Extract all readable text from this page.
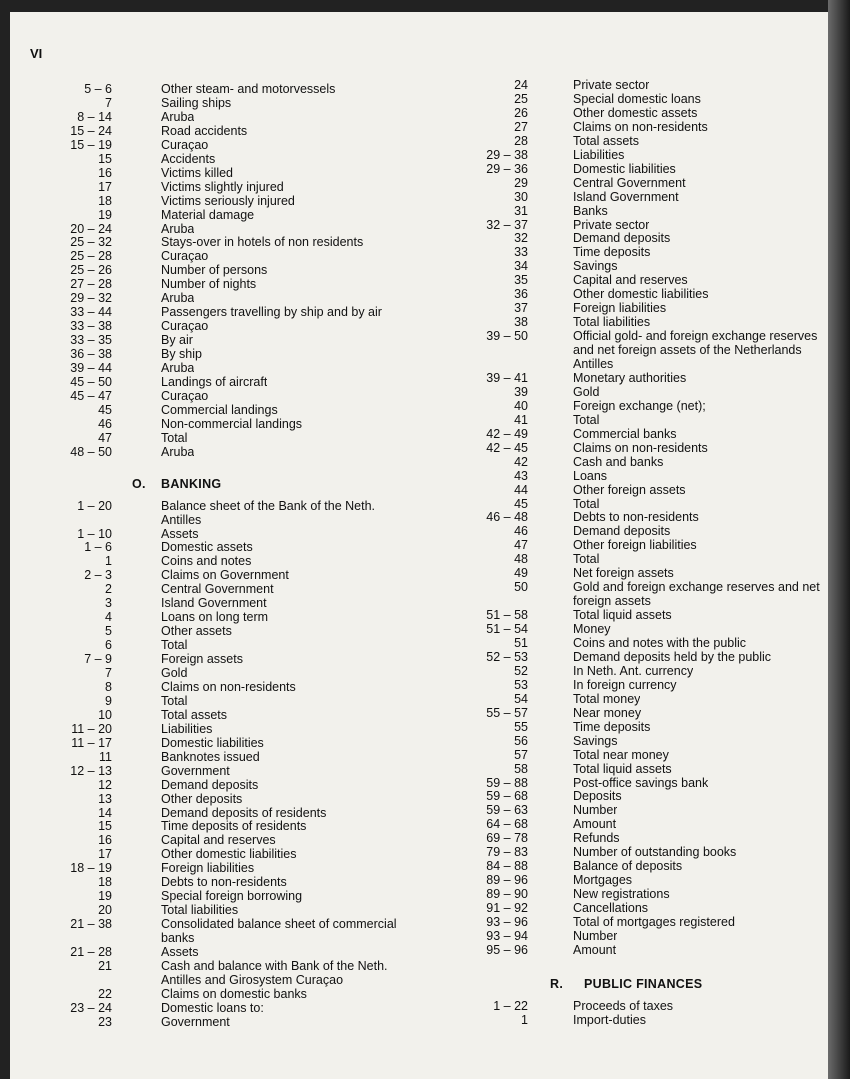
VI
5 – 6	Other steam- and motorvessels
7	Sailing ships
8 – 14	Aruba
15 – 24	Road accidents
15 – 19	Curaçao
15	Accidents
16	Victims killed
17	Victims slightly injured
18	Victims seriously injured
19	Material damage
20 – 24	Aruba
25 – 32	Stays-over in hotels of non residents
25 – 28	Curaçao
25 – 26	Number of persons
27 – 28	Number of nights
29 – 32	Aruba
33 – 44	Passengers travelling by ship and by air
33 – 38	Curaçao
33 – 35	By air
36 – 38	By ship
39 – 44	Aruba
45 – 50	Landings of aircraft
45 – 47	Curaçao
45	Commercial landings
46	Non-commercial landings
47	Total
48 – 50	Aruba
O. BANKING
1 – 20	Balance sheet of the Bank of the Neth.
Antilles
1 – 10	Assets
1 – 6	Domestic assets
1	Coins and notes
2 – 3	Claims on Government
2	Central Government
3	Island Government
4	Loans on long term
5	Other assets
6	Total
7 – 9	Foreign assets
7	Gold
8	Claims on non-residents
9	Total
10	Total assets
11 – 20	Liabilities
11 – 17	Domestic liabilities
11	Banknotes issued
12 – 13	Government
12	Demand deposits
13	Other deposits
14	Demand deposits of residents
15	Time deposits of residents
16	Capital and reserves
17	Other domestic liabilities
18 – 19	Foreign liabilities
18	Debts to non-residents
19	Special foreign borrowing
20	Total liabilities
21 – 38	Consolidated balance sheet of commercial
banks
21 – 28	Assets
21	Cash and balance with Bank of the Neth.
Antilles and Girosystem Curaçao
22	Claims on domestic banks
23 – 24	Domestic loans to:
23	Government
24	Private sector
25	Special domestic loans
26	Other domestic assets
27	Claims on non-residents
28	Total assets
29 – 38	Liabilities
29 – 36	Domestic liabilities
29	Central Government
30	Island Government
31	Banks
32 – 37	Private sector
32	Demand deposits
33	Time deposits
34	Savings
35	Capital and reserves
36	Other domestic liabilities
37	Foreign liabilities
38	Total liabilities
39 – 50	Official gold- and foreign exchange reserves
and net foreign assets of the Netherlands
Antilles
39 – 41	Monetary authorities
39	Gold
40	Foreign exchange (net);
41	Total
42 – 49	Commercial banks
42 – 45	Claims on non-residents
42	Cash and banks
43	Loans
44	Other foreign assets
45	Total
46 – 48	Debts to non-residents
46	Demand deposits
47	Other foreign liabilities
48	Total
49	Net foreign assets
50	Gold and foreign exchange reserves and net
foreign assets
51 – 58	Total liquid assets
51 – 54	Money
51	Coins and notes with the public
52 – 53	Demand deposits held by the public
52	In Neth. Ant. currency
53	In foreign currency
54	Total money
55 – 57	Near money
55	Time deposits
56	Savings
57	Total near money
58	Total liquid assets
59 – 88	Post-office savings bank
59 – 68	Deposits
59 – 63	Number
64 – 68	Amount
69 – 78	Refunds
79 – 83	Number of outstanding books
84 – 88	Balance of deposits
89 – 96	Mortgages
89 – 90	New registrations
91 – 92	Cancellations
93 – 96	Total of mortgages registered
93 – 94	Number
95 – 96	Amount
R. PUBLIC FINANCES
1 – 22	Proceeds of taxes
1	Import-duties
